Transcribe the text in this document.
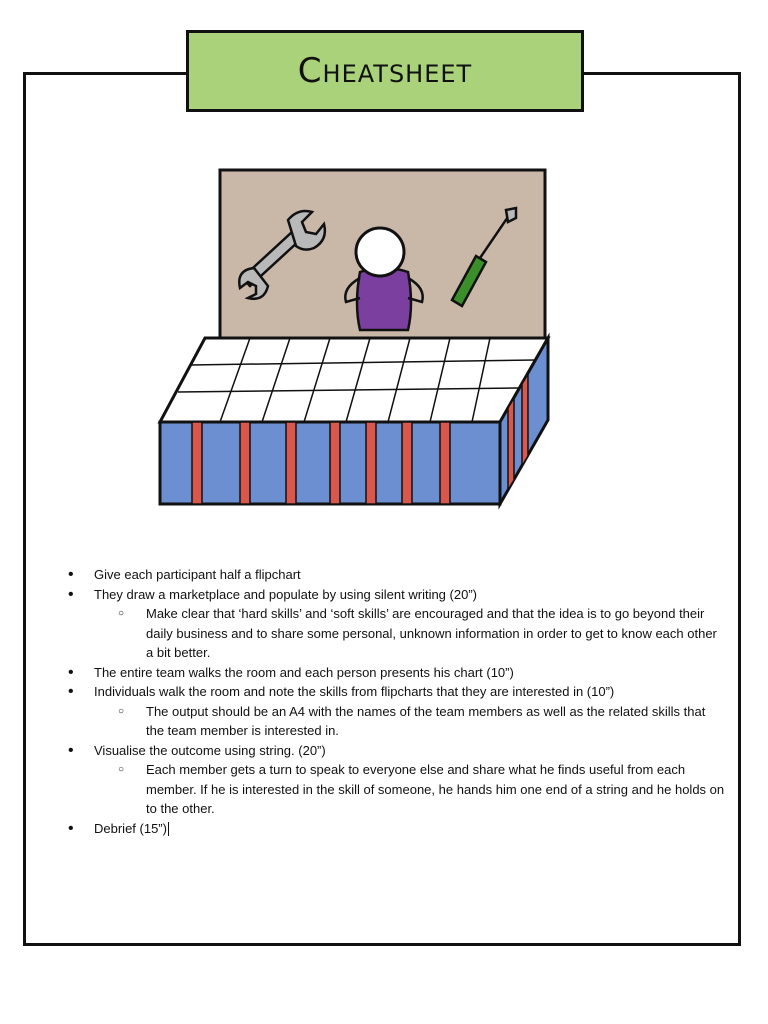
Cheatsheet
• Give each participant half a flipchart
• They draw a marketplace and populate by using silent writing (20”)
○ Make clear that ‘hard skills’ and ‘soft skills’ are encouraged and that the idea is to go beyond their daily business and to share some personal, unknown information in order to get to know each other a bit better.
• The entire team walks the room and each person presents his chart (10”)
• Individuals walk the room and note the skills from flipcharts that they are interested in (10”)
○ The output should be an A4 with the names of the team members as well as the related skills that the team member is interested in.
• Visualise the outcome using string. (20”)
○ Each member gets a turn to speak to everyone else and share what he finds useful from each member. If he is interested in the skill of someone, he hands him one end of a string and he holds on to the other.
• Debrief (15”)
